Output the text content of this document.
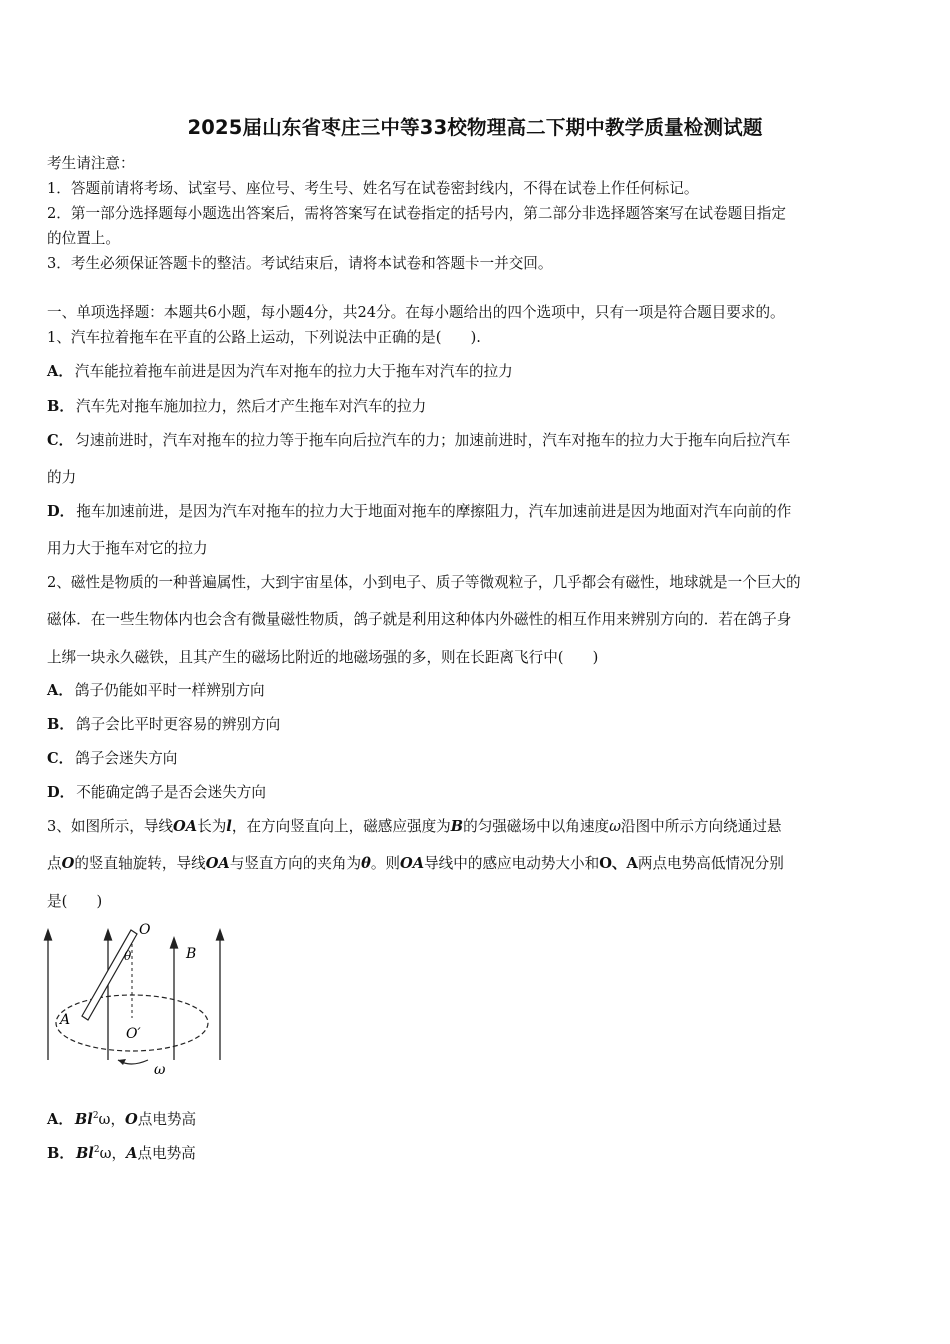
2025届山东省枣庄三中等33校物理高二下期中教学质量检测试题
考生请注意：
1．答题前请将考场、试室号、座位号、考生号、姓名写在试卷密封线内，不得在试卷上作任何标记。
2．第一部分选择题每小题选出答案后，需将答案写在试卷指定的括号内，第二部分非选择题答案写在试卷题目指定
的位置上。
3．考生必须保证答题卡的整洁。考试结束后，请将本试卷和答题卡一并交回。
一、单项选择题：本题共6小题，每小题4分，共24分。在每小题给出的四个选项中，只有一项是符合题目要求的。
1、汽车拉着拖车在平直的公路上运动，下列说法中正确的是(　　).
A． 汽车能拉着拖车前进是因为汽车对拖车的拉力大于拖车对汽车的拉力
B． 汽车先对拖车施加拉力，然后才产生拖车对汽车的拉力
C． 匀速前进时，汽车对拖车的拉力等于拖车向后拉汽车的力；加速前进时，汽车对拖车的拉力大于拖车向后拉汽车
的力
D． 拖车加速前进，是因为汽车对拖车的拉力大于地面对拖车的摩擦阻力，汽车加速前进是因为地面对汽车向前的作
用力大于拖车对它的拉力
2、磁性是物质的一种普遍属性，大到宇宙星体，小到电子、质子等微观粒子，几乎都会有磁性，地球就是一个巨大的
磁体．在一些生物体内也会含有微量磁性物质，鸽子就是利用这种体内外磁性的相互作用来辨别方向的．若在鸽子身
上绑一块永久磁铁，且其产生的磁场比附近的地磁场强的多，则在长距离飞行中(　　)
A． 鸽子仍能如平时一样辨别方向
B． 鸽子会比平时更容易的辨别方向
C． 鸽子会迷失方向
D． 不能确定鸽子是否会迷失方向
3、如图所示，导线OA长为l，在方向竖直向上，磁感应强度为B的匀强磁场中以角速度ω沿图中所示方向绕通过悬
点O的竖直轴旋转，导线OA与竖直方向的夹角为θ。则OA导线中的感应电动势大小和O、A两点电势高低情况分别
是(　　)
O
θ	B
A
O′
ω
A． Bl$^2$ω，O点电势高
B． Bl$^2$ω，A点电势高
